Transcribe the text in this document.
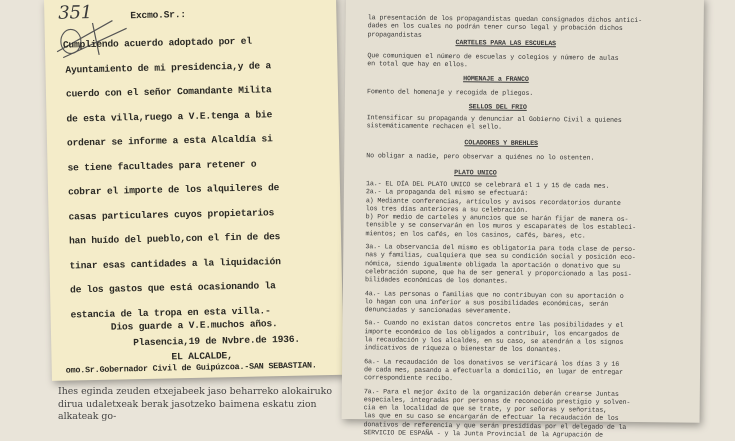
351	Excmo.Sr.:
Cumpliendo acuerdo adoptado por el
Ayuntamiento de mi presidencia,y de a
cuerdo con el señor Comandante Milita
de esta villa,ruego a V.E.tenga a bie
ordenar se informe a esta Alcaldía si
se tiene facultades para retener o
cobrar el importe de los alquileres de
casas particulares cuyos propietarios
han huído del pueblo,con el fin de des
tinar esas cantidades a la liquidación
de los gastos que está ocasionando la
estancia de la tropa en esta villa.-
Dios guarde a V.E.muchos años.
Plasencia,19 de Nvbre.de 1936.
EL ALCALDE,
omo.Sr.Gobernador Civil de Guipúzcoa.-SAN SEBASTIAN.
la presentación de los propagandistas quedan consignados dichos antici-
dades en los cuales no podrán tener curso legal y probación dichos
propagandistas
CARTELES PARA LAS ESCUELAS
Que comuniquen el número de escuelas y colegios y número de aulas
en total que hay en ellos.
HOMENAJE a FRANCO
Fomento del homenaje y recogida de pliegos.
SELLOS DEL FRIO
Intensificar su propaganda y denunciar al Gobierno Civil a quienes
sistemáticamente rechacen el sello.
COLADORES Y BREHLES
No obligar a nadie, pero observar a quiénes no lo ostenten.
PLATO UNICO
1a.- EL DÍA DEL PLATO UNICO se celebrará el 1 y 15 de cada mes.
2a.- La propaganda del mismo se efectuará:
a) Mediante conferencias, artículos y avisos recordatorios durante
los tres días anteriores a su celebración.
b) Por medio de carteles y anuncios que se harán fijar de manera os-
tensible y se conservarán en los muros y escaparates de los estableci-
mientos; en los cafés, en los casinos, cafés, bares, etc.
3a.- La observancia del mismo es obligatoria para toda clase de perso-
nas y familias, cualquiera que sea su condición social y posición eco-
nómica, siendo igualmente obligada la aportación o donativo que su
celebración supone, que ha de ser general y proporcionado a las posi-
bilidades económicas de los donantes.
4a.- Las personas o familias que no contribuyan con su aportación o
lo hagan con una inferior a sus posibilidades económicas, serán
denunciadas y sancionadas severamente.
5a.- Cuando no existan datos concretos entre las posibilidades y el
importe económico de los obligados a contribuir, los encargados de
la recaudación y los alcaldes, en su caso, se atendrán a los signos
indicativos de riqueza o bienestar de los donantes.
6a.- La recaudación de los donativos se verificará los días 3 y 16
de cada mes, pasando a efectuarla a domicilio, en lugar de entregar
correspondiente recibo.
7a.- Para el mejor éxito de la organización deberán crearse Juntas
especiales, integradas por personas de reconocido prestigio y solven-
cia en la localidad de que se trate, y por señoras y señoritas,
las que en su caso se encargarán de efectuar la recaudación de los
donativos de referencia y que serán presididas por el delegado de la
SERVICIO DE ESPAÑA - y la Junta Provincial de la Agrupación de
Ihes egindа zeuden etxejabeek jaso beharreko alokairuko dirua udaletxeak berak jasotzeko baimena eskatu zion alkateak go-
